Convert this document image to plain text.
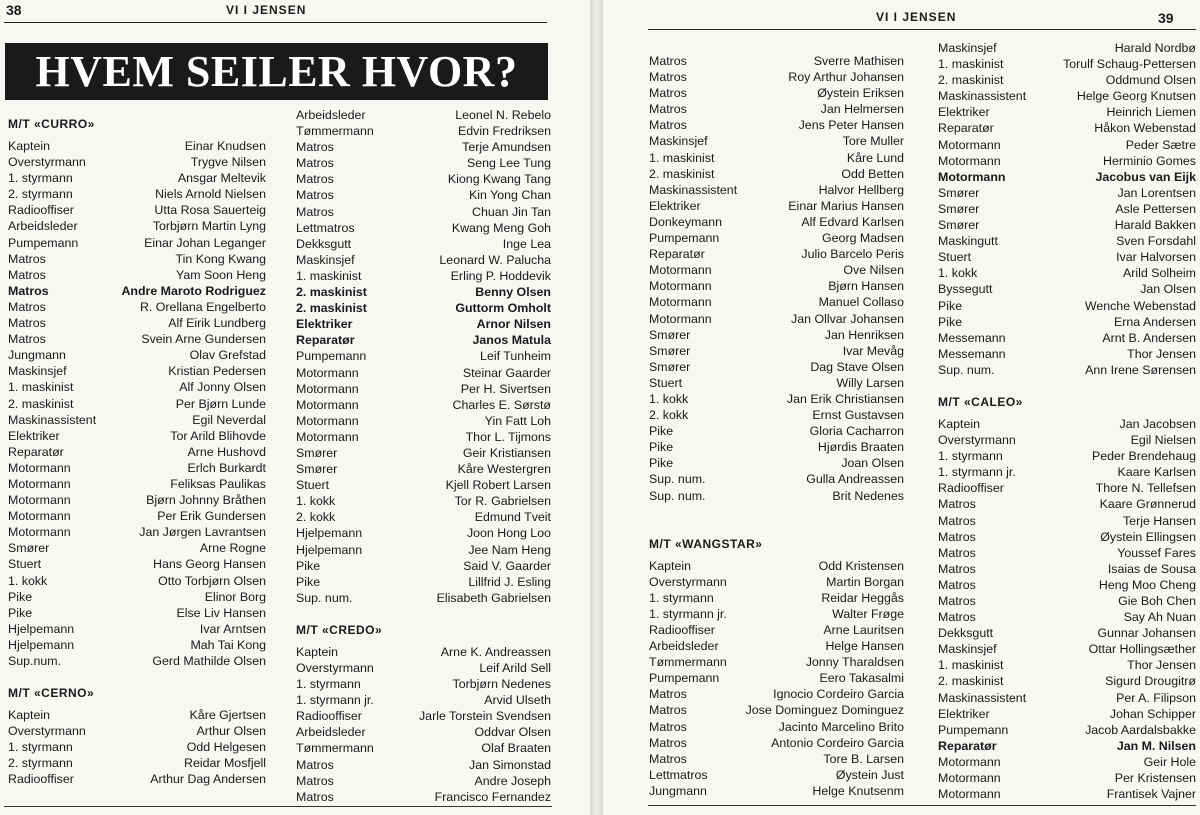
38	VI I JENSEN
HVEM SEILER HVOR?
M/T «CURRO»
Kaptein	Einar Knudsen
Overstyrmann	Trygve Nilsen
1. styrmann	Ansgar Meltevik
2. styrmann	Niels Arnold Nielsen
Radiooffiser	Utta Rosa Sauerteig
Arbeidsleder	Torbjørn Martin Lyng
Pumpemann	Einar Johan Leganger
Matros	Tin Kong Kwang
Matros	Yam Soon Heng
Matros	Andre Maroto Rodriguez
Matros	R. Orellana Engelberto
Matros	Alf Eirik Lundberg
Matros	Svein Arne Gundersen
Jungmann	Olav Grefstad
Maskinsjef	Kristian Pedersen
1. maskinist	Alf Jonny Olsen
2. maskinist	Per Bjørn Lunde
Maskinassistent	Egil Neverdal
Elektriker	Tor Arild Blihovde
Reparatør	Arne Hushovd
Motormann	Erlch Burkardt
Motormann	Feliksas Paulikas
Motormann	Bjørn Johnny Bråthen
Motormann	Per Erik Gundersen
Motormann	Jan Jørgen Lavrantsen
Smører	Arne Rogne
Stuert	Hans Georg Hansen
1. kokk	Otto Torbjørn Olsen
Pike	Elinor Borg
Pike	Else Liv Hansen
Hjelpemann	Ivar Arntsen
Hjelpemann	Mah Tai Kong
Sup.num.	Gerd Mathilde Olsen
M/T «CERNO»
Kaptein	Kåre Gjertsen
Overstyrmann	Arthur Olsen
1. styrmann	Odd Helgesen
2. styrmann	Reidar Mosfjell
Radiooffiser	Arthur Dag Andersen
Arbeidsleder	Leonel N. Rebelo
Tømmermann	Edvin Fredriksen
Matros	Terje Amundsen
Matros	Seng Lee Tung
Matros	Kiong Kwang Tang
Matros	Kin Yong Chan
Matros	Chuan Jin Tan
Lettmatros	Kwang Meng Goh
Dekksgutt	Inge Lea
Maskinsjef	Leonard W. Palucha
1. maskinist	Erling P. Hoddevik
2. maskinist	Benny Olsen
2. maskinist	Guttorm Omholt
Elektriker	Arnor Nilsen
Reparatør	Janos Matula
Pumpemann	Leif Tunheim
Motormann	Steinar Gaarder
Motormann	Per H. Sivertsen
Motormann	Charles E. Sørstø
Motormann	Yin Fatt Loh
Motormann	Thor L. Tijmons
Smører	Geir Kristiansen
Smører	Kåre Westergren
Stuert	Kjell Robert Larsen
1. kokk	Tor R. Gabrielsen
2. kokk	Edmund Tveit
Hjelpemann	Joon Hong Loo
Hjelpemann	Jee Nam Heng
Pike	Said V. Gaarder
Pike	Lillfrid J. Esling
Sup. num.	Elisabeth Gabrielsen
M/T «CREDO»
Kaptein	Arne K. Andreassen
Overstyrmann	Leif Arild Sell
1. styrmann	Torbjørn Nedenes
1. styrmann jr.	Arvid Ulseth
Radiooffiser	Jarle Torstein Svendsen
Arbeidsleder	Oddvar Olsen
Tømmermann	Olaf Braaten
Matros	Jan Simonstad
Matros	Andre Joseph
Matros	Francisco Fernandez
VI I JENSEN	39
Matros	Sverre Mathisen
Matros	Roy Arthur Johansen
Matros	Øystein Eriksen
Matros	Jan Helmersen
Matros	Jens Peter Hansen
Maskinsjef	Tore Muller
1. maskinist	Kåre Lund
2. maskinist	Odd Betten
Maskinassistent	Halvor Hellberg
Elektriker	Einar Marius Hansen
Donkeymann	Alf Edvard Karlsen
Pumpemann	Georg Madsen
Reparatør	Julio Barcelo Peris
Motormann	Ove Nilsen
Motormann	Bjørn Hansen
Motormann	Manuel Collaso
Motormann	Jan Ollvar Johansen
Smører	Jan Henriksen
Smører	Ivar Mevåg
Smører	Dag Stave Olsen
Stuert	Willy Larsen
1. kokk	Jan Erik Christiansen
2. kokk	Ernst Gustavsen
Pike	Gloria Cacharron
Pike	Hjørdis Braaten
Pike	Joan Olsen
Sup. num.	Gulla Andreassen
Sup. num.	Brit Nedenes
M/T «WANGSTAR»
Kaptein	Odd Kristensen
Overstyrmann	Martin Borgan
1. styrmann	Reidar Heggås
1. styrmann jr.	Walter Frøge
Radiooffiser	Arne Lauritsen
Arbeidsleder	Helge Hansen
Tømmermann	Jonny Tharaldsen
Pumpemann	Eero Takasalmi
Matros	Ignocio Cordeiro Garcia
Matros	Jose Dominguez Dominguez
Matros	Jacinto Marcelino Brito
Matros	Antonio Cordeiro Garcia
Matros	Tore B. Larsen
Lettmatros	Øystein Just
Jungmann	Helge Knutsenm
Maskinsjef	Harald Nordbø
1. maskinist	Torulf Schaug-Pettersen
2. maskinist	Oddmund Olsen
Maskinassistent	Helge Georg Knutsen
Elektriker	Heinrich Liemen
Reparatør	Håkon Webenstad
Motormann	Peder Sætre
Motormann	Herminio Gomes
Motormann	Jacobus van Eijk
Smører	Jan Lorentsen
Smører	Asle Pettersen
Smører	Harald Bakken
Maskingutt	Sven Forsdahl
Stuert	Ivar Halvorsen
1. kokk	Arild Solheim
Byssegutt	Jan Olsen
Pike	Wenche Webenstad
Pike	Erna Andersen
Messemann	Arnt B. Andersen
Messemann	Thor Jensen
Sup. num.	Ann Irene Sørensen
M/T «CALEO»
Kaptein	Jan Jacobsen
Overstyrmann	Egil Nielsen
1. styrmann	Peder Brendehaug
1. styrmann jr.	Kaare Karlsen
Radiooffiser	Thore N. Tellefsen
Matros	Kaare Grønnerud
Matros	Terje Hansen
Matros	Øystein Ellingsen
Matros	Youssef Fares
Matros	Isaias de Sousa
Matros	Heng Moo Cheng
Matros	Gie Boh Chen
Matros	Say Ah Nuan
Dekksgutt	Gunnar Johansen
Maskinsjef	Ottar Hollingsæther
1. maskinist	Thor Jensen
2. maskinist	Sigurd Drougitrø
Maskinassistent	Per A. Filipson
Elektriker	Johan Schipper
Pumpemann	Jacob Aardalsbakke
Reparatør	Jan M. Nilsen
Motormann	Geir Hole
Motormann	Per Kristensen
Motormann	Frantisek Vajner
